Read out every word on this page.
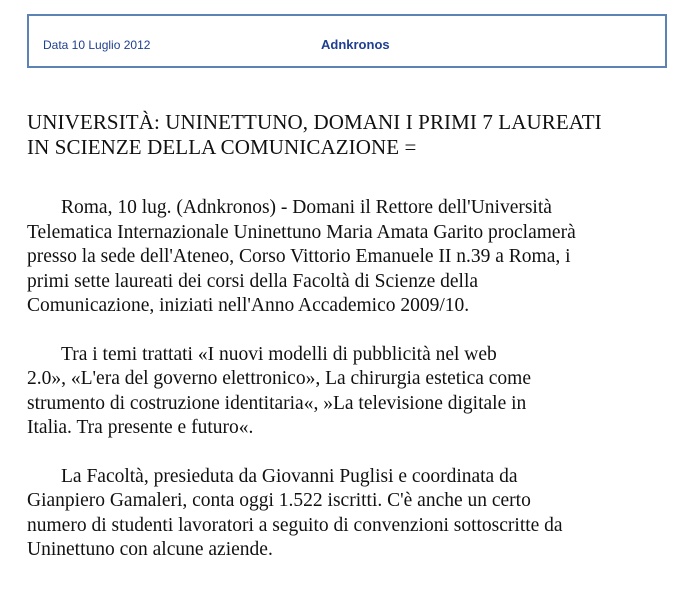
Data 10 Luglio 2012	Adnkronos
UNIVERSITÀ: UNINETTUNO, DOMANI I PRIMI 7 LAUREATI
IN SCIENZE DELLA COMUNICAZIONE =

Roma, 10 lug. (Adnkronos) - Domani il Rettore dell'Università
Telematica Internazionale Uninettuno Maria Amata Garito proclamerà
presso la sede dell'Ateneo, Corso Vittorio Emanuele II n.39 a Roma, i
primi sette laureati dei corsi della Facoltà di Scienze della
Comunicazione, iniziati nell'Anno Accademico 2009/10.

Tra i temi trattati «I nuovi modelli di pubblicità nel web
2.0», «L'era del governo elettronico», La chirurgia estetica come
strumento di costruzione identitaria«, »La televisione digitale in
Italia. Tra presente e futuro«.

La Facoltà, presieduta da Giovanni Puglisi e coordinata da
Gianpiero Gamaleri, conta oggi 1.522 iscritti. C'è anche un certo
numero di studenti lavoratori a seguito di convenzioni sottoscritte da
Uninettuno con alcune aziende.
